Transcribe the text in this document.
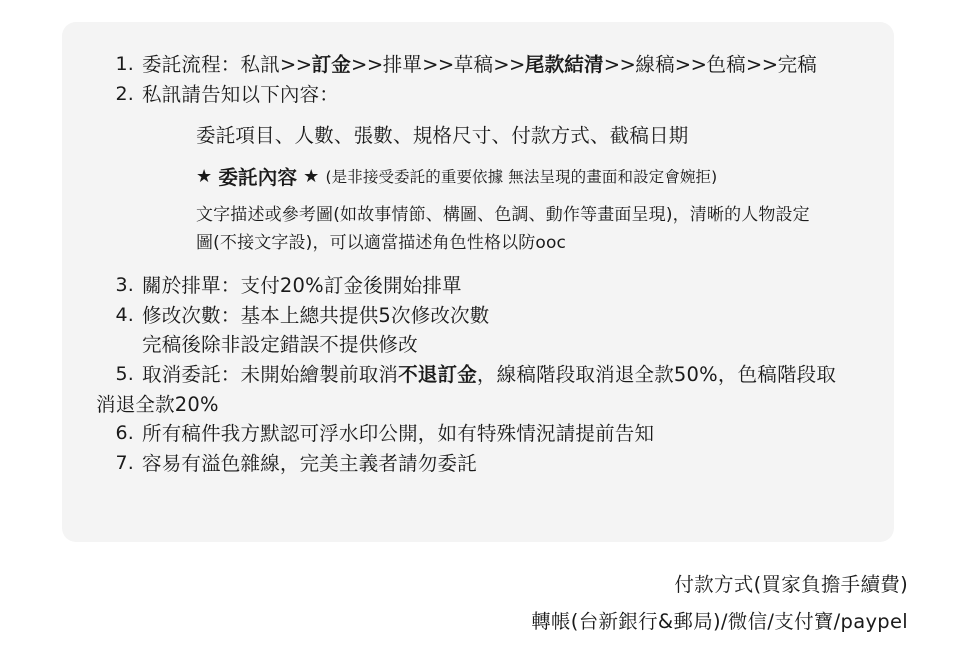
1. 委託流程：私訊>>訂金>>排單>>草稿>>尾款結清>>線稿>>色稿>>完稿
2. 私訊請告知以下內容：
委託項目、人數、張數、規格尺寸、付款方式、截稿日期
★ 委託內容 ★ (是非接受委託的重要依據 無法呈現的畫面和設定會婉拒)
文字描述或參考圖(如故事情節、構圖、色調、動作等畫面呈現)，清晰的人物設定
圖(不接文字設)，可以適當描述角色性格以防ooc
3. 關於排單：支付20%訂金後開始排單
4. 修改次數：基本上總共提供5次修改次數
完稿後除非設定錯誤不提供修改
5. 取消委託：未開始繪製前取消不退訂金，線稿階段取消退全款50%，色稿階段取
消退全款20%
6. 所有稿件我方默認可浮水印公開，如有特殊情況請提前告知
7. 容易有溢色雜線，完美主義者請勿委託
付款方式(買家負擔手續費)
轉帳(台新銀行&郵局)/微信/支付寶/paypel
